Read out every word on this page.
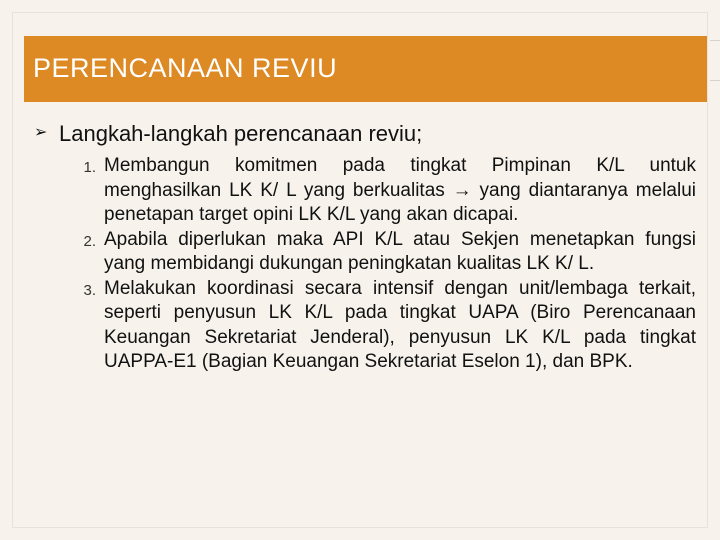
PERENCANAAN REVIU
➢ Langkah-langkah perencanaan reviu;
1. Membangun komitmen pada tingkat Pimpinan K/L untuk menghasilkan LK K/ L yang berkualitas → yang diantaranya melalui penetapan target opini LK K/L yang akan dicapai.
2. Apabila diperlukan maka API K/L atau Sekjen menetapkan fungsi yang membidangi dukungan peningkatan kualitas LK K/ L.
3. Melakukan koordinasi secara intensif dengan unit/lembaga terkait, seperti penyusun LK K/L pada tingkat UAPA (Biro Perencanaan Keuangan Sekretariat Jenderal), penyusun LK K/L pada tingkat UAPPA-E1 (Bagian Keuangan Sekretariat Eselon 1), dan BPK.
